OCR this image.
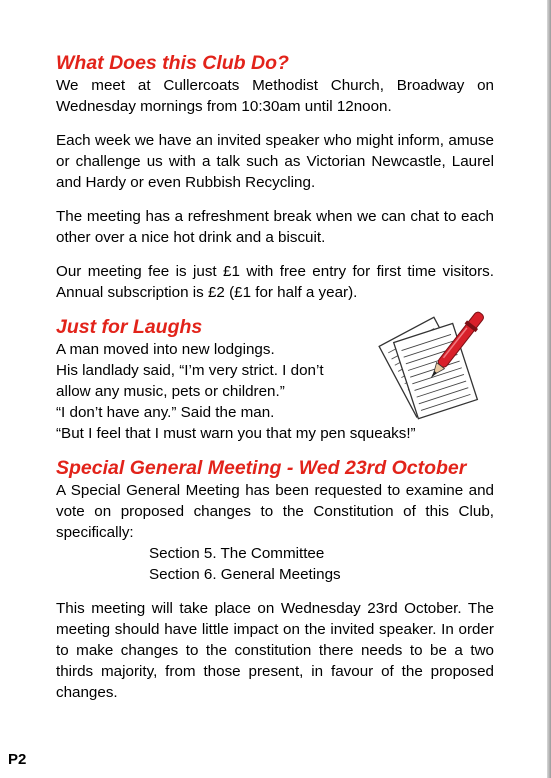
What Does this Club Do?

We meet at Cullercoats Methodist Church, Broadway on Wednesday mornings from 10:30am until 12noon.

Each week we have an invited speaker who might inform, amuse or challenge us with a talk such as Victorian Newcastle, Laurel and Hardy or even Rubbish Recycling.

The meeting has a refreshment break when we can chat to each other over a nice hot drink and a biscuit.

Our meeting fee is just £1 with free entry for first time visitors. Annual subscription is £2 (£1 for half a year).

Just for Laughs

A man moved into new lodgings.

His landlady said, “I’m very strict. I don’t

allow any music, pets or children.”

“I don’t have any.” Said the man.

“But I feel that I must warn you that my pen squeaks!”

Special General Meeting - Wed 23rd October

A Special General Meeting has been requested to examine and vote on proposed changes to the Constitution of this Club, specifically:

Section 5. The Committee

Section 6. General Meetings

This meeting will take place on Wednesday 23rd October. The meeting should have little impact on the invited speaker. In order to make changes to the constitution there needs to be a two thirds majority, from those present, in favour of the proposed changes.

P2
